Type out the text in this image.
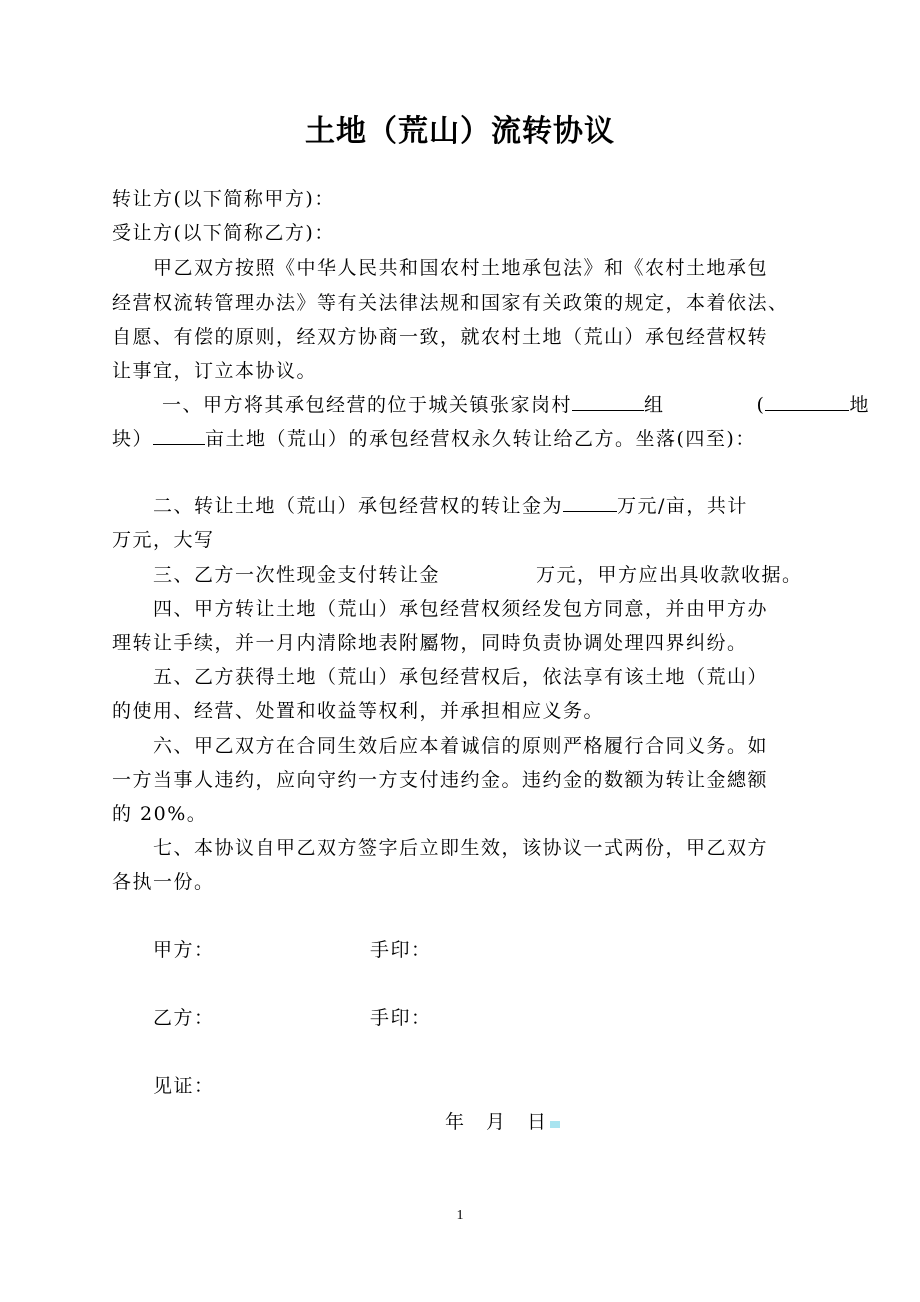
土地（荒山）流转协议
转让方(以下简称甲方)：
受让方(以下简称乙方)：
甲乙双方按照《中华人民共和国农村土地承包法》和《农村土地承包
经营权流转管理办法》等有关法律法规和国家有关政策的规定，本着依法、
自愿、有偿的原则，经双方协商一致，就农村土地（荒山）承包经营权转
让事宜，订立本协议。
一、甲方将其承包经营的位于城关镇张家岗村	组	(	地
块）	亩土地（荒山）的承包经营权永久转让给乙方。坐落(四至)：
二、转让土地（荒山）承包经营权的转让金为	万元/亩，共计
万元，大写
三、乙方一次性现金支付转让金	万元，甲方应出具收款收据。
四、甲方转让土地（荒山）承包经营权须经发包方同意，并由甲方办
理转让手续，并一月内清除地表附屬物，同時负责协调处理四界纠纷。
五、乙方获得土地（荒山）承包经营权后，依法享有该土地（荒山）
的使用、经营、处置和收益等权利，并承担相应义务。
六、甲乙双方在合同生效后应本着诚信的原则严格履行合同义务。如
一方当事人违约，应向守约一方支付违约金。违约金的数额为转让金總额
的 20%。
七、本协议自甲乙双方签字后立即生效，该协议一式两份，甲乙双方
各执一份。
甲方：	手印：
乙方：	手印：
见证：
年　月　日
1
